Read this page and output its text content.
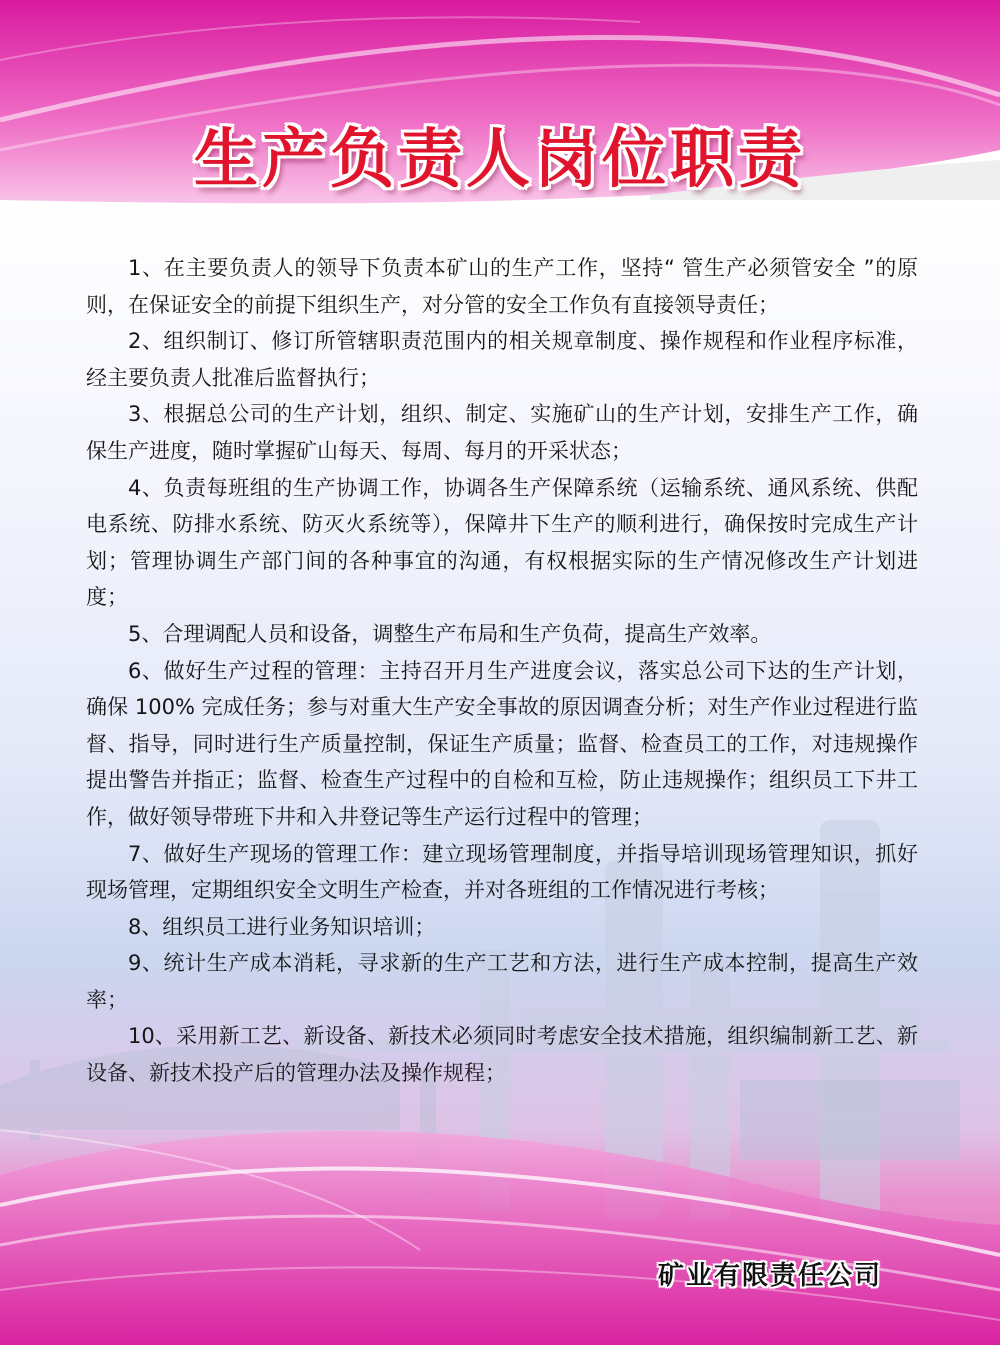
生产负责人岗位职责

1、在主要负责人的领导下负责本矿山的生产工作，坚持“ 管生产必须管安全 ”的原则，在保证安全的前提下组织生产，对分管的安全工作负有直接领导责任；

2、组织制订、修订所管辖职责范围内的相关规章制度、操作规程和作业程序标准，经主要负责人批准后监督执行；

3、根据总公司的生产计划，组织、制定、实施矿山的生产计划，安排生产工作，确保生产进度，随时掌握矿山每天、每周、每月的开采状态；

4、负责每班组的生产协调工作，协调各生产保障系统（运输系统、通风系统、供配电系统、防排水系统、防灭火系统等），保障井下生产的顺利进行，确保按时完成生产计划；管理协调生产部门间的各种事宜的沟通，有权根据实际的生产情况修改生产计划进度；

5、合理调配人员和设备，调整生产布局和生产负荷，提高生产效率。

6、做好生产过程的管理：主持召开月生产进度会议，落实总公司下达的生产计划，确保 100% 完成任务；参与对重大生产安全事故的原因调查分析；对生产作业过程进行监督、指导，同时进行生产质量控制，保证生产质量；监督、检查员工的工作，对违规操作提出警告并指正；监督、检查生产过程中的自检和互检，防止违规操作；组织员工下井工作，做好领导带班下井和入井登记等生产运行过程中的管理；

7、做好生产现场的管理工作：建立现场管理制度，并指导培训现场管理知识，抓好现场管理，定期组织安全文明生产检查，并对各班组的工作情况进行考核；

8、组织员工进行业务知识培训；

9、统计生产成本消耗，寻求新的生产工艺和方法，进行生产成本控制，提高生产效率；

10、采用新工艺、新设备、新技术必须同时考虑安全技术措施，组织编制新工艺、新设备、新技术投产后的管理办法及操作规程；

矿业有限责任公司
